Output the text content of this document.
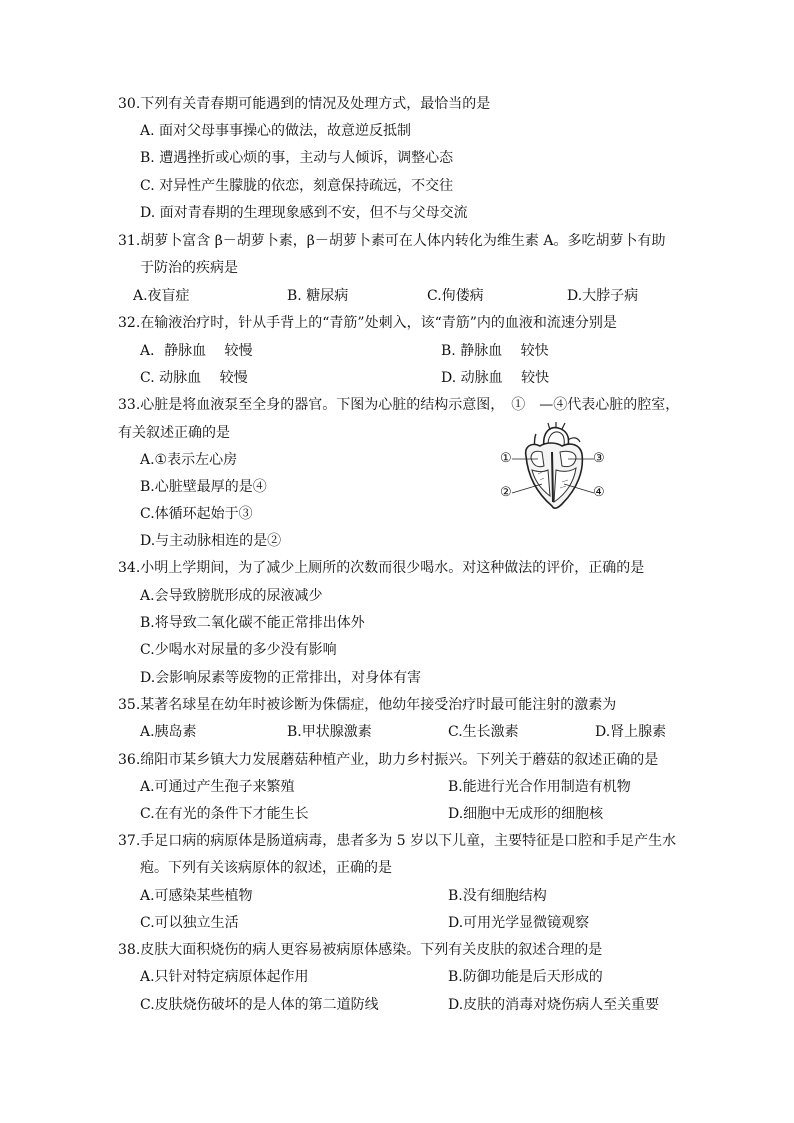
30.下列有关青春期可能遇到的情况及处理方式，最恰当的是
A. 面对父母事事操心的做法，故意逆反抵制
B. 遭遇挫折或心烦的事，主动与人倾诉，调整心态
C. 对异性产生朦胧的依恋，刻意保持疏远，不交往
D. 面对青春期的生理现象感到不安，但不与父母交流
31.胡萝卜富含 β－胡萝卜素，β－胡萝卜素可在人体内转化为维生素 A。多吃胡萝卜有助
于防治的疾病是
A.夜盲症	B. 糖尿病	C.佝偻病	D.大脖子病
32.在输液治疗时，针从手背上的“青筋”处刺入，该“青筋”内的血液和流速分别是
A．静脉血　 较慢	B. 静脉血　 较快
C. 动脉血　 较慢	D. 动脉血　 较快
33.心脏是将血液泵至全身的器官。下图为心脏的结构示意图，　①　—④代表心脏的腔室，
有关叙述正确的是
A.①表示左心房
B.心脏壁最厚的是④
C.体循环起始于③
D.与主动脉相连的是②
①
②
③
④
34.小明上学期间，为了减少上厕所的次数而很少喝水。对这种做法的评价，正确的是
A.会导致膀胱形成的尿液减少
B.将导致二氧化碳不能正常排出体外
C.少喝水对尿量的多少没有影响
D.会影响尿素等废物的正常排出，对身体有害
35.某著名球星在幼年时被诊断为侏儒症，他幼年接受治疗时最可能注射的激素为
A.胰岛素	B.甲状腺激素	C.生长激素	D.肾上腺素
36.绵阳市某乡镇大力发展蘑菇种植产业，助力乡村振兴。下列关于蘑菇的叙述正确的是
A.可通过产生孢子来繁殖	B.能进行光合作用制造有机物
C.在有光的条件下才能生长	D.细胞中无成形的细胞核
37.手足口病的病原体是肠道病毒，患者多为 5 岁以下儿童，主要特征是口腔和手足产生水
疱。下列有关该病原体的叙述，正确的是
A.可感染某些植物	B.没有细胞结构
C.可以独立生活	D.可用光学显微镜观察
38.皮肤大面积烧伤的病人更容易被病原体感染。下列有关皮肤的叙述合理的是
A.只针对特定病原体起作用	B.防御功能是后天形成的
C.皮肤烧伤破坏的是人体的第二道防线	D.皮肤的消毒对烧伤病人至关重要
